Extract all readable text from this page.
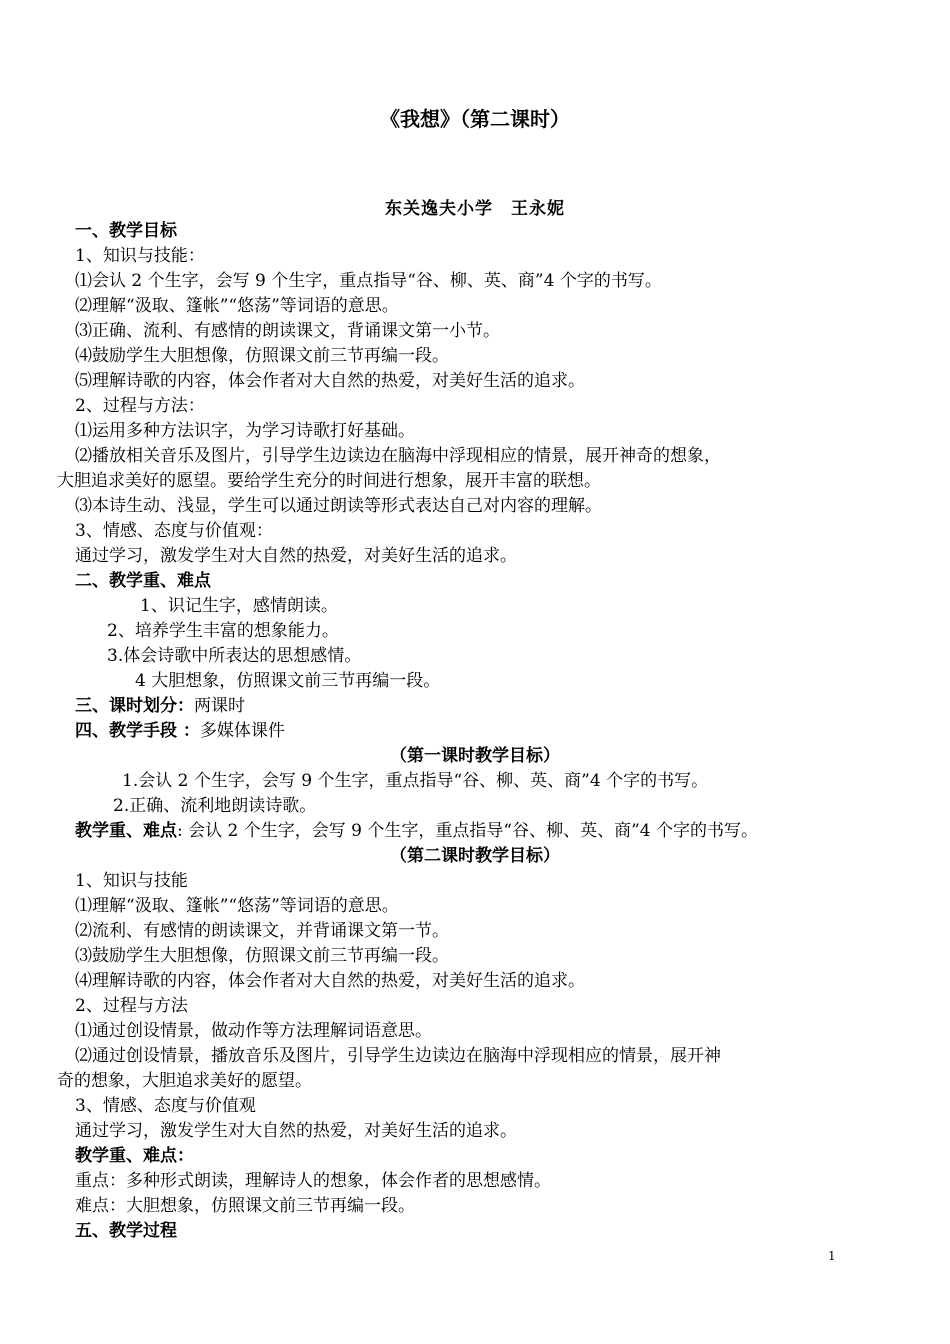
《我想》（第二课时）
东关逸夫小学　王永妮
一、教学目标
1、知识与技能：
⑴会认 2 个生字，会写 9 个生字，重点指导“谷、柳、英、商”4 个字的书写。
⑵理解“汲取、篷帐”“悠荡”等词语的意思。
⑶正确、流利、有感情的朗读课文，背诵课文第一小节。
⑷鼓励学生大胆想像，仿照课文前三节再编一段。
⑸理解诗歌的内容，体会作者对大自然的热爱，对美好生活的追求。
2、过程与方法：
⑴运用多种方法识字，为学习诗歌打好基础。
⑵播放相关音乐及图片，引导学生边读边在脑海中浮现相应的情景，展开神奇的想象，
大胆追求美好的愿望。要给学生充分的时间进行想象，展开丰富的联想。
⑶本诗生动、浅显，学生可以通过朗读等形式表达自己对内容的理解。
3、情感、态度与价值观：
通过学习，激发学生对大自然的热爱，对美好生活的追求。
二、教学重、难点
1、识记生字，感情朗读。
2、培养学生丰富的想象能力。
3.体会诗歌中所表达的思想感情。
4 大胆想象，仿照课文前三节再编一段。
三、课时划分：两课时
四、教学手段 ：多媒体课件
（第一课时教学目标）
1.会认 2 个生字，会写 9 个生字，重点指导“谷、柳、英、商”4 个字的书写。
2.正确、流利地朗读诗歌。
教学重、难点: 会认 2 个生字，会写 9 个生字，重点指导“谷、柳、英、商”4 个字的书写。
（第二课时教学目标）
1、知识与技能
⑴理解“汲取、篷帐”“悠荡”等词语的意思。
⑵流利、有感情的朗读课文，并背诵课文第一节。
⑶鼓励学生大胆想像，仿照课文前三节再编一段。
⑷理解诗歌的内容，体会作者对大自然的热爱，对美好生活的追求。
2、过程与方法
⑴通过创设情景，做动作等方法理解词语意思。
⑵通过创设情景，播放音乐及图片，引导学生边读边在脑海中浮现相应的情景，展开神
奇的想象，大胆追求美好的愿望。
3、情感、态度与价值观
通过学习，激发学生对大自然的热爱，对美好生活的追求。
教学重、难点：
重点：多种形式朗读，理解诗人的想象，体会作者的思想感情。
难点：大胆想象，仿照课文前三节再编一段。
五、教学过程
1
